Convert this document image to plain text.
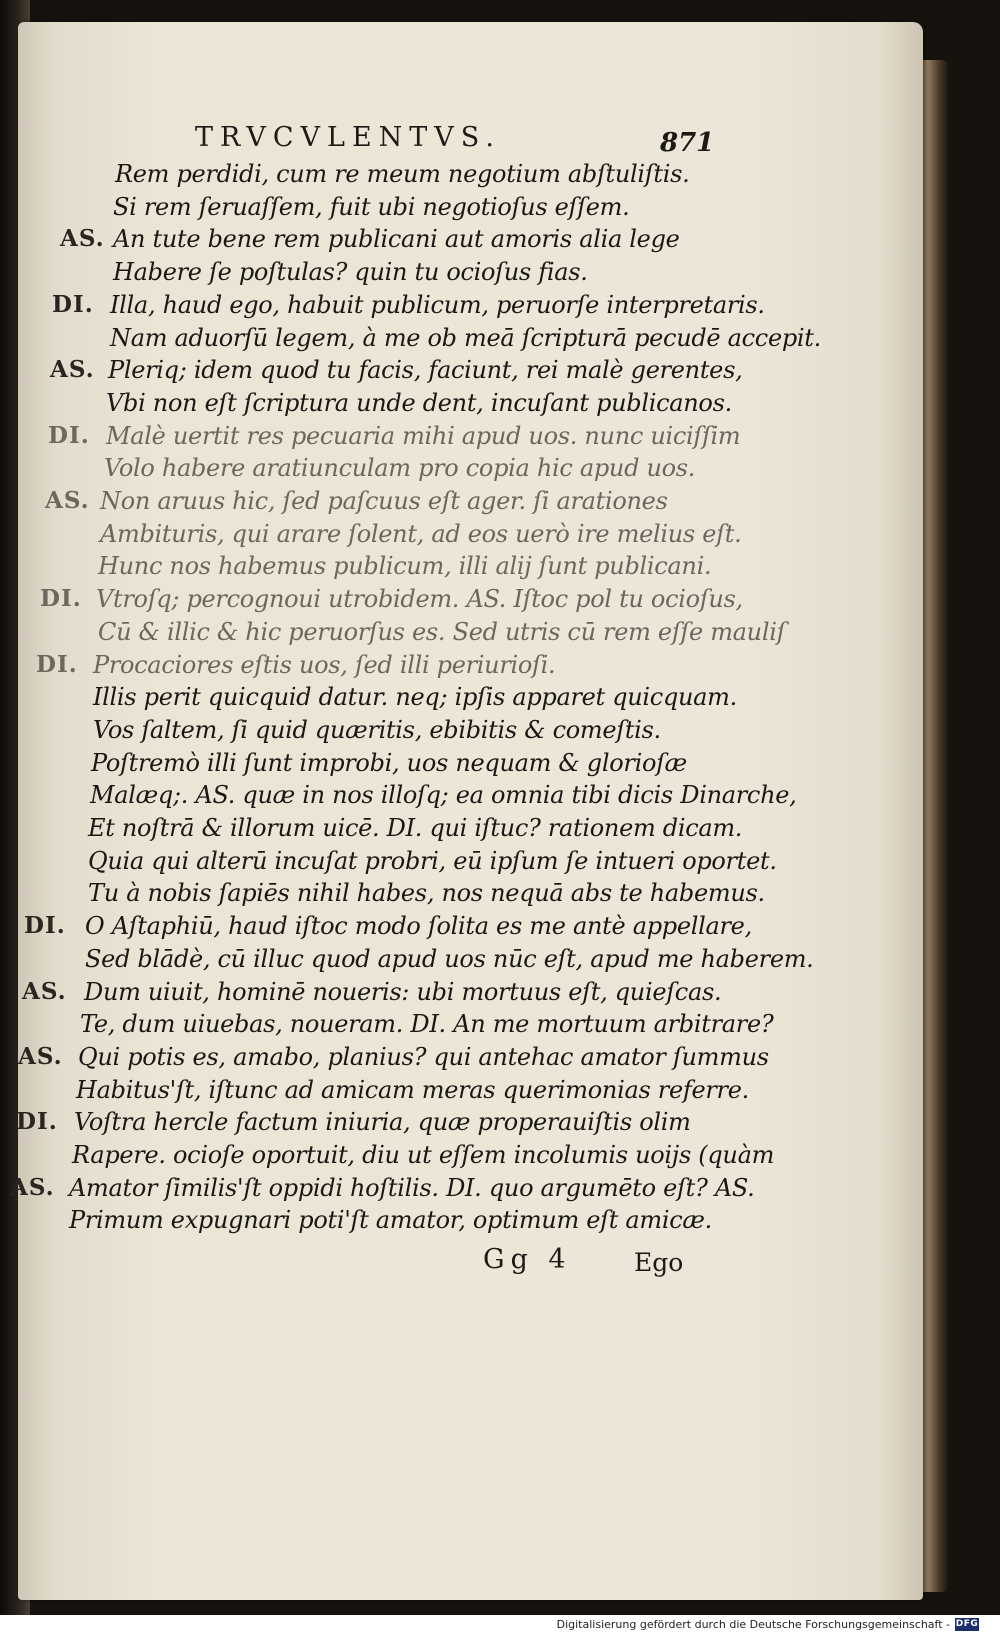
TRVCVLENTVS.	871
Rem perdidi, cum re meum negotium abſtuliſtis.
Si rem ſeruaſſem, fuit ubi negotioſus eſſem.
AS. An tute bene rem publicani aut amoris alia lege
Habere ſe poſtulas? quin tu ocioſus fias.
DI. Illa, haud ego, habuit publicum, peruorſe interpretaris.
Nam aduorſū legem, à me ob meā ſcripturā pecudē accepit.
AS. Pleriq; idem quod tu facis, faciunt, rei malè gerentes,
Vbi non eſt ſcriptura unde dent, incuſant publicanos.
DI. Malè uertit res pecuaria mihi apud uos. nunc uiciſſim
Volo habere aratiunculam pro copia hic apud uos.
AS. Non aruus hic, ſed paſcuus eſt ager. ſi arationes
Ambituris, qui arare ſolent, ad eos uerò ire melius eſt.
Hunc nos habemus publicum, illi alij ſunt publicani.
DI. Vtroſq; percognoui utrobidem. AS. Iſtoc pol tu ocioſus,
Cū & illic & hic peruorſus es. Sed utris cū rem eſſe mauliſ
DI. Procaciores eſtis uos, ſed illi periurioſi.
Illis perit quicquid datur. neq; ipſis apparet quicquam.
Vos ſaltem, ſi quid quæritis, ebibitis & comeſtis.
Poſtremò illi ſunt improbi, uos nequam & glorioſæ
Malæq;. AS. quæ in nos illoſq; ea omnia tibi dicis Dinarche,
Et noſtrā & illorum uicē. DI. qui iſtuc? rationem dicam.
Quia qui alterū incuſat probri, eū ipſum ſe intueri oportet.
Tu à nobis ſapiēs nihil habes, nos nequā abs te habemus.
DI. O Aſtaphiū, haud iſtoc modo ſolita es me antè appellare,
Sed blādè, cū illuc quod apud uos nūc eſt, apud me haberem.
AS. Dum uiuit, hominē noueris: ubi mortuus eſt, quieſcas.
Te, dum uiuebas, noueram. DI. An me mortuum arbitrare?
AS. Qui potis es, amabo, planius? qui antehac amator ſummus
Habitus'ſt, iſtunc ad amicam meras querimonias referre.
DI. Voſtra hercle factum iniuria, quæ properauiſtis olim
Rapere. ocioſe oportuit, diu ut eſſem incolumis uoijs (quàm
AS. Amator ſimilis'ſt oppidi hoſtilis. DI. quo argumēto eſt? AS.
Primum expugnari poti'ſt amator, optimum eſt amicæ.
Gg 4 Ego
Digitalisierung gefördert durch die Deutsche Forschungsgemeinschaft - DFG
